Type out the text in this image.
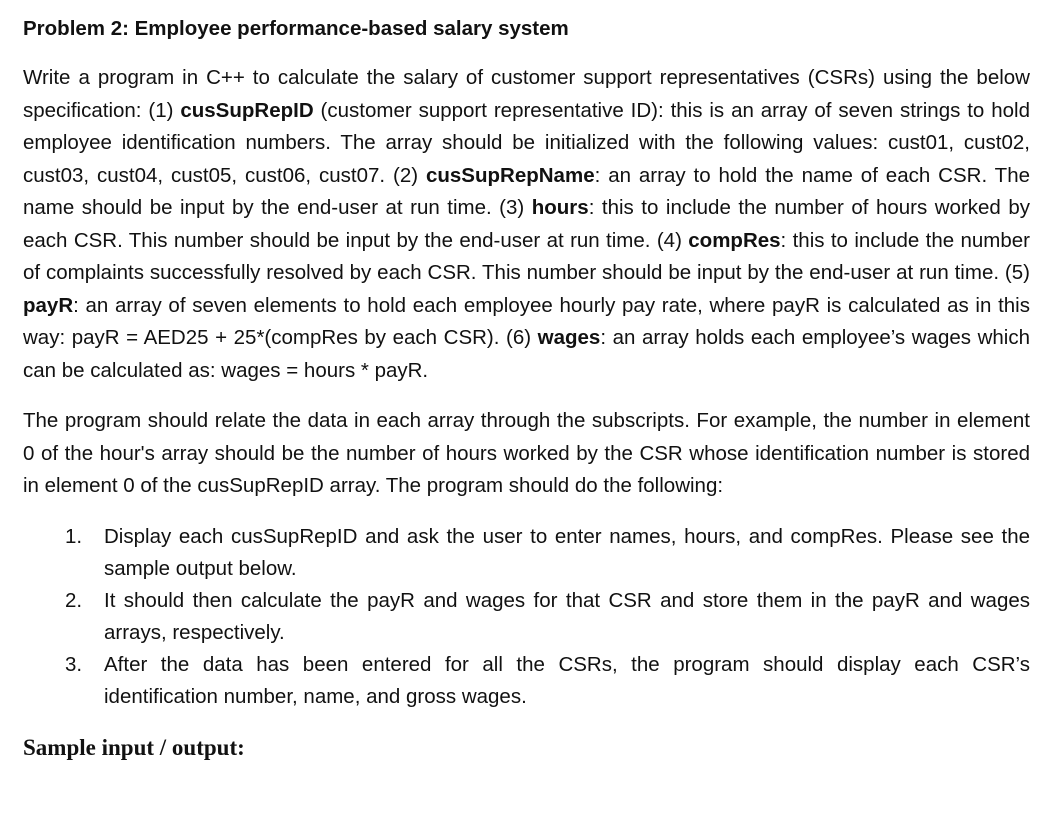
Problem 2: Employee performance-based salary system

Write a program in C++ to calculate the salary of customer support representatives (CSRs) using the below specification: (1) cusSupRepID (customer support representative ID): this is an array of seven strings to hold employee identification numbers. The array should be initialized with the following values: cust01, cust02, cust03, cust04, cust05, cust06, cust07. (2) cusSupRepName: an array to hold the name of each CSR. The name should be input by the end-user at run time. (3) hours: this to include the number of hours worked by each CSR. This number should be input by the end-user at run time. (4) compRes: this to include the number of complaints successfully resolved by each CSR. This number should be input by the end-user at run time. (5) payR: an array of seven elements to hold each employee hourly pay rate, where payR is calculated as in this way: payR = AED25 + 25*(compRes by each CSR). (6) wages: an array holds each employee’s wages which can be calculated as: wages = hours * payR.

The program should relate the data in each array through the subscripts. For example, the number in element 0 of the hour's array should be the number of hours worked by the CSR whose identification number is stored in element 0 of the cusSupRepID array. The program should do the following:

1. Display each cusSupRepID and ask the user to enter names, hours, and compRes. Please see the sample output below.
2. It should then calculate the payR and wages for that CSR and store them in the payR and wages arrays, respectively.
3. After the data has been entered for all the CSRs, the program should display each CSR’s identification number, name, and gross wages.
Sample input / output:
